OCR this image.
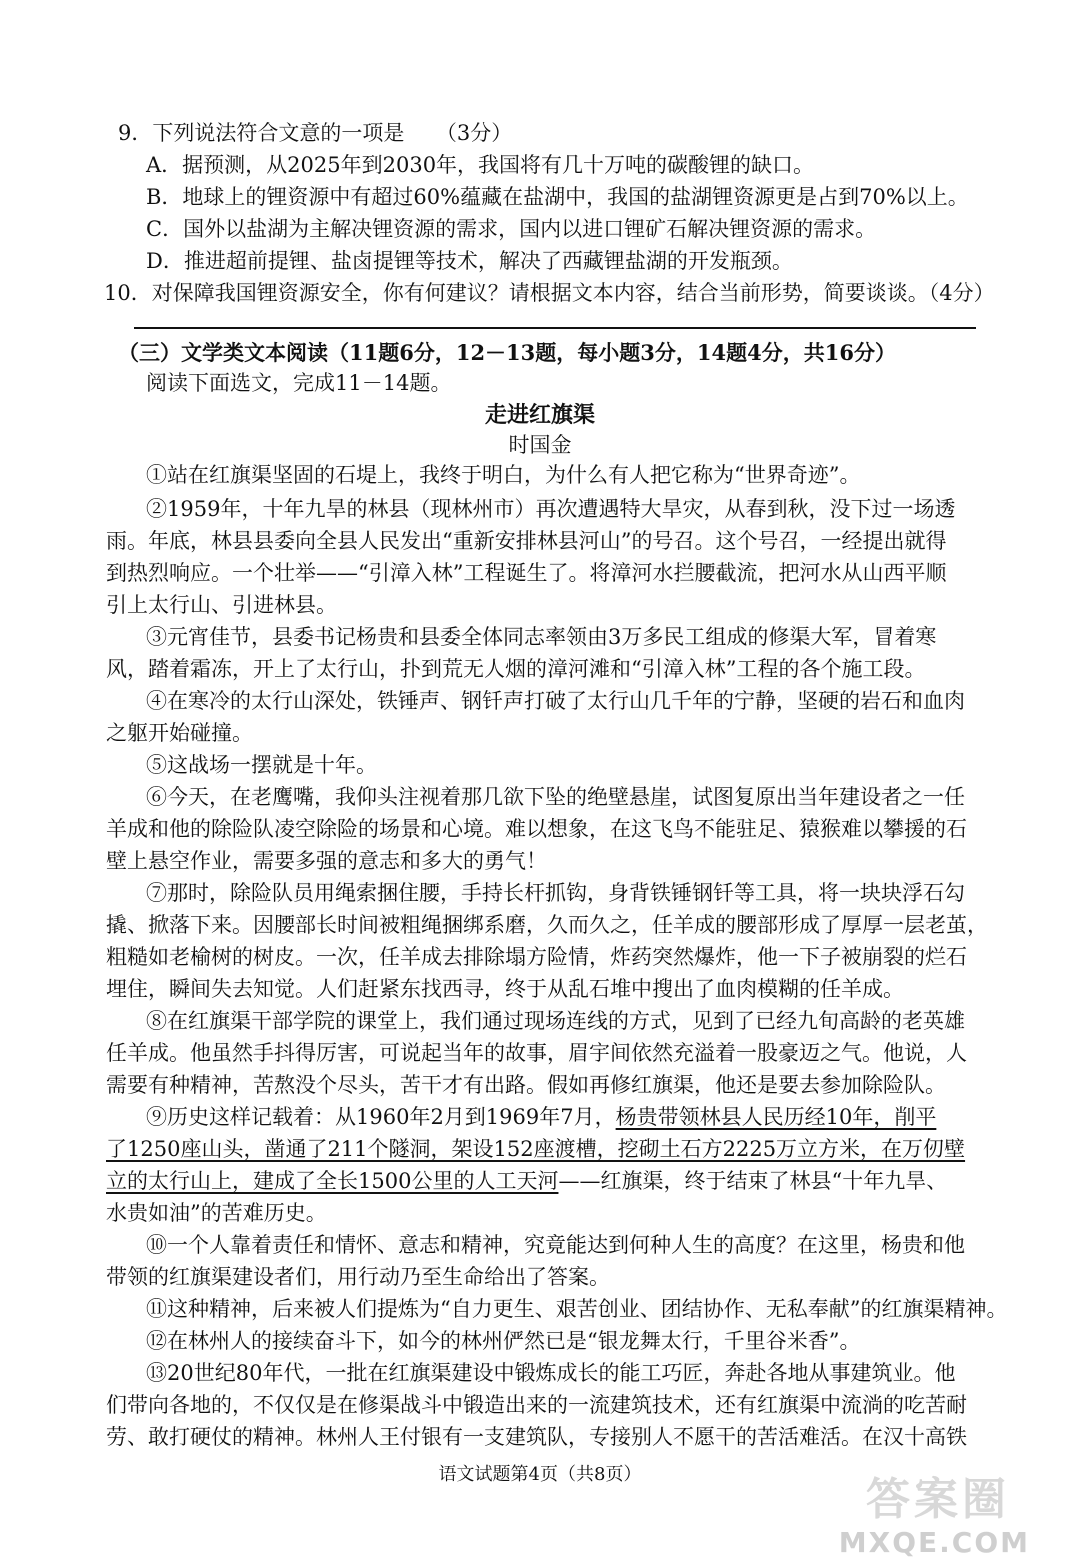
9．下列说法符合文意的一项是　　（3分）
A．据预测，从2025年到2030年，我国将有几十万吨的碳酸锂的缺口。
B．地球上的锂资源中有超过60%蕴藏在盐湖中，我国的盐湖锂资源更是占到70%以上。
C．国外以盐湖为主解决锂资源的需求，国内以进口锂矿石解决锂资源的需求。
D．推进超前提锂、盐卤提锂等技术，解决了西藏锂盐湖的开发瓶颈。
10．对保障我国锂资源安全，你有何建议？请根据文本内容，结合当前形势，简要谈谈。（4分）
（三）文学类文本阅读（11题6分，12－13题，每小题3分，14题4分，共16分）
阅读下面选文，完成11－14题。
走进红旗渠
时国金
①站在红旗渠坚固的石堤上，我终于明白，为什么有人把它称为“世界奇迹”。
②1959年，十年九旱的林县（现林州市）再次遭遇特大旱灾，从春到秋，没下过一场透
雨。年底，林县县委向全县人民发出“重新安排林县河山”的号召。这个号召，一经提出就得
到热烈响应。一个壮举——“引漳入林”工程诞生了。将漳河水拦腰截流，把河水从山西平顺
引上太行山、引进林县。
③元宵佳节，县委书记杨贵和县委全体同志率领由3万多民工组成的修渠大军，冒着寒
风，踏着霜冻，开上了太行山，扑到荒无人烟的漳河滩和“引漳入林”工程的各个施工段。
④在寒冷的太行山深处，铁锤声、钢钎声打破了太行山几千年的宁静，坚硬的岩石和血肉
之躯开始碰撞。
⑤这战场一摆就是十年。
⑥今天，在老鹰嘴，我仰头注视着那几欲下坠的绝壁悬崖，试图复原出当年建设者之一任
羊成和他的除险队凌空除险的场景和心境。难以想象，在这飞鸟不能驻足、猿猴难以攀援的石
壁上悬空作业，需要多强的意志和多大的勇气！
⑦那时，除险队员用绳索捆住腰，手持长杆抓钩，身背铁锤钢钎等工具，将一块块浮石勾
撬、掀落下来。因腰部长时间被粗绳捆绑系磨，久而久之，任羊成的腰部形成了厚厚一层老茧，
粗糙如老榆树的树皮。一次，任羊成去排除塌方险情，炸药突然爆炸，他一下子被崩裂的烂石
埋住，瞬间失去知觉。人们赶紧东找西寻，终于从乱石堆中搜出了血肉模糊的任羊成。
⑧在红旗渠干部学院的课堂上，我们通过现场连线的方式，见到了已经九旬高龄的老英雄
任羊成。他虽然手抖得厉害，可说起当年的故事，眉宇间依然充溢着一股豪迈之气。他说，人
需要有种精神，苦熬没个尽头，苦干才有出路。假如再修红旗渠，他还是要去参加除险队。
⑨历史这样记载着：从1960年2月到1969年7月，杨贵带领林县人民历经10年，削平
了1250座山头，凿通了211个隧洞，架设152座渡槽，挖砌土石方2225万立方米，在万仞壁
立的太行山上，建成了全长1500公里的人工天河——红旗渠，终于结束了林县“十年九旱、
水贵如油”的苦难历史。
⑩一个人靠着责任和情怀、意志和精神，究竟能达到何种人生的高度？在这里，杨贵和他
带领的红旗渠建设者们，用行动乃至生命给出了答案。
⑪这种精神，后来被人们提炼为“自力更生、艰苦创业、团结协作、无私奉献”的红旗渠精神。
⑫在林州人的接续奋斗下，如今的林州俨然已是“银龙舞太行，千里谷米香”。
⑬20世纪80年代，一批在红旗渠建设中锻炼成长的能工巧匠，奔赴各地从事建筑业。他
们带向各地的，不仅仅是在修渠战斗中锻造出来的一流建筑技术，还有红旗渠中流淌的吃苦耐
劳、敢打硬仗的精神。林州人王付银有一支建筑队，专接别人不愿干的苦活难活。在汉十高铁
语文试题第4页（共8页）	答案圈
MXQE.COM
